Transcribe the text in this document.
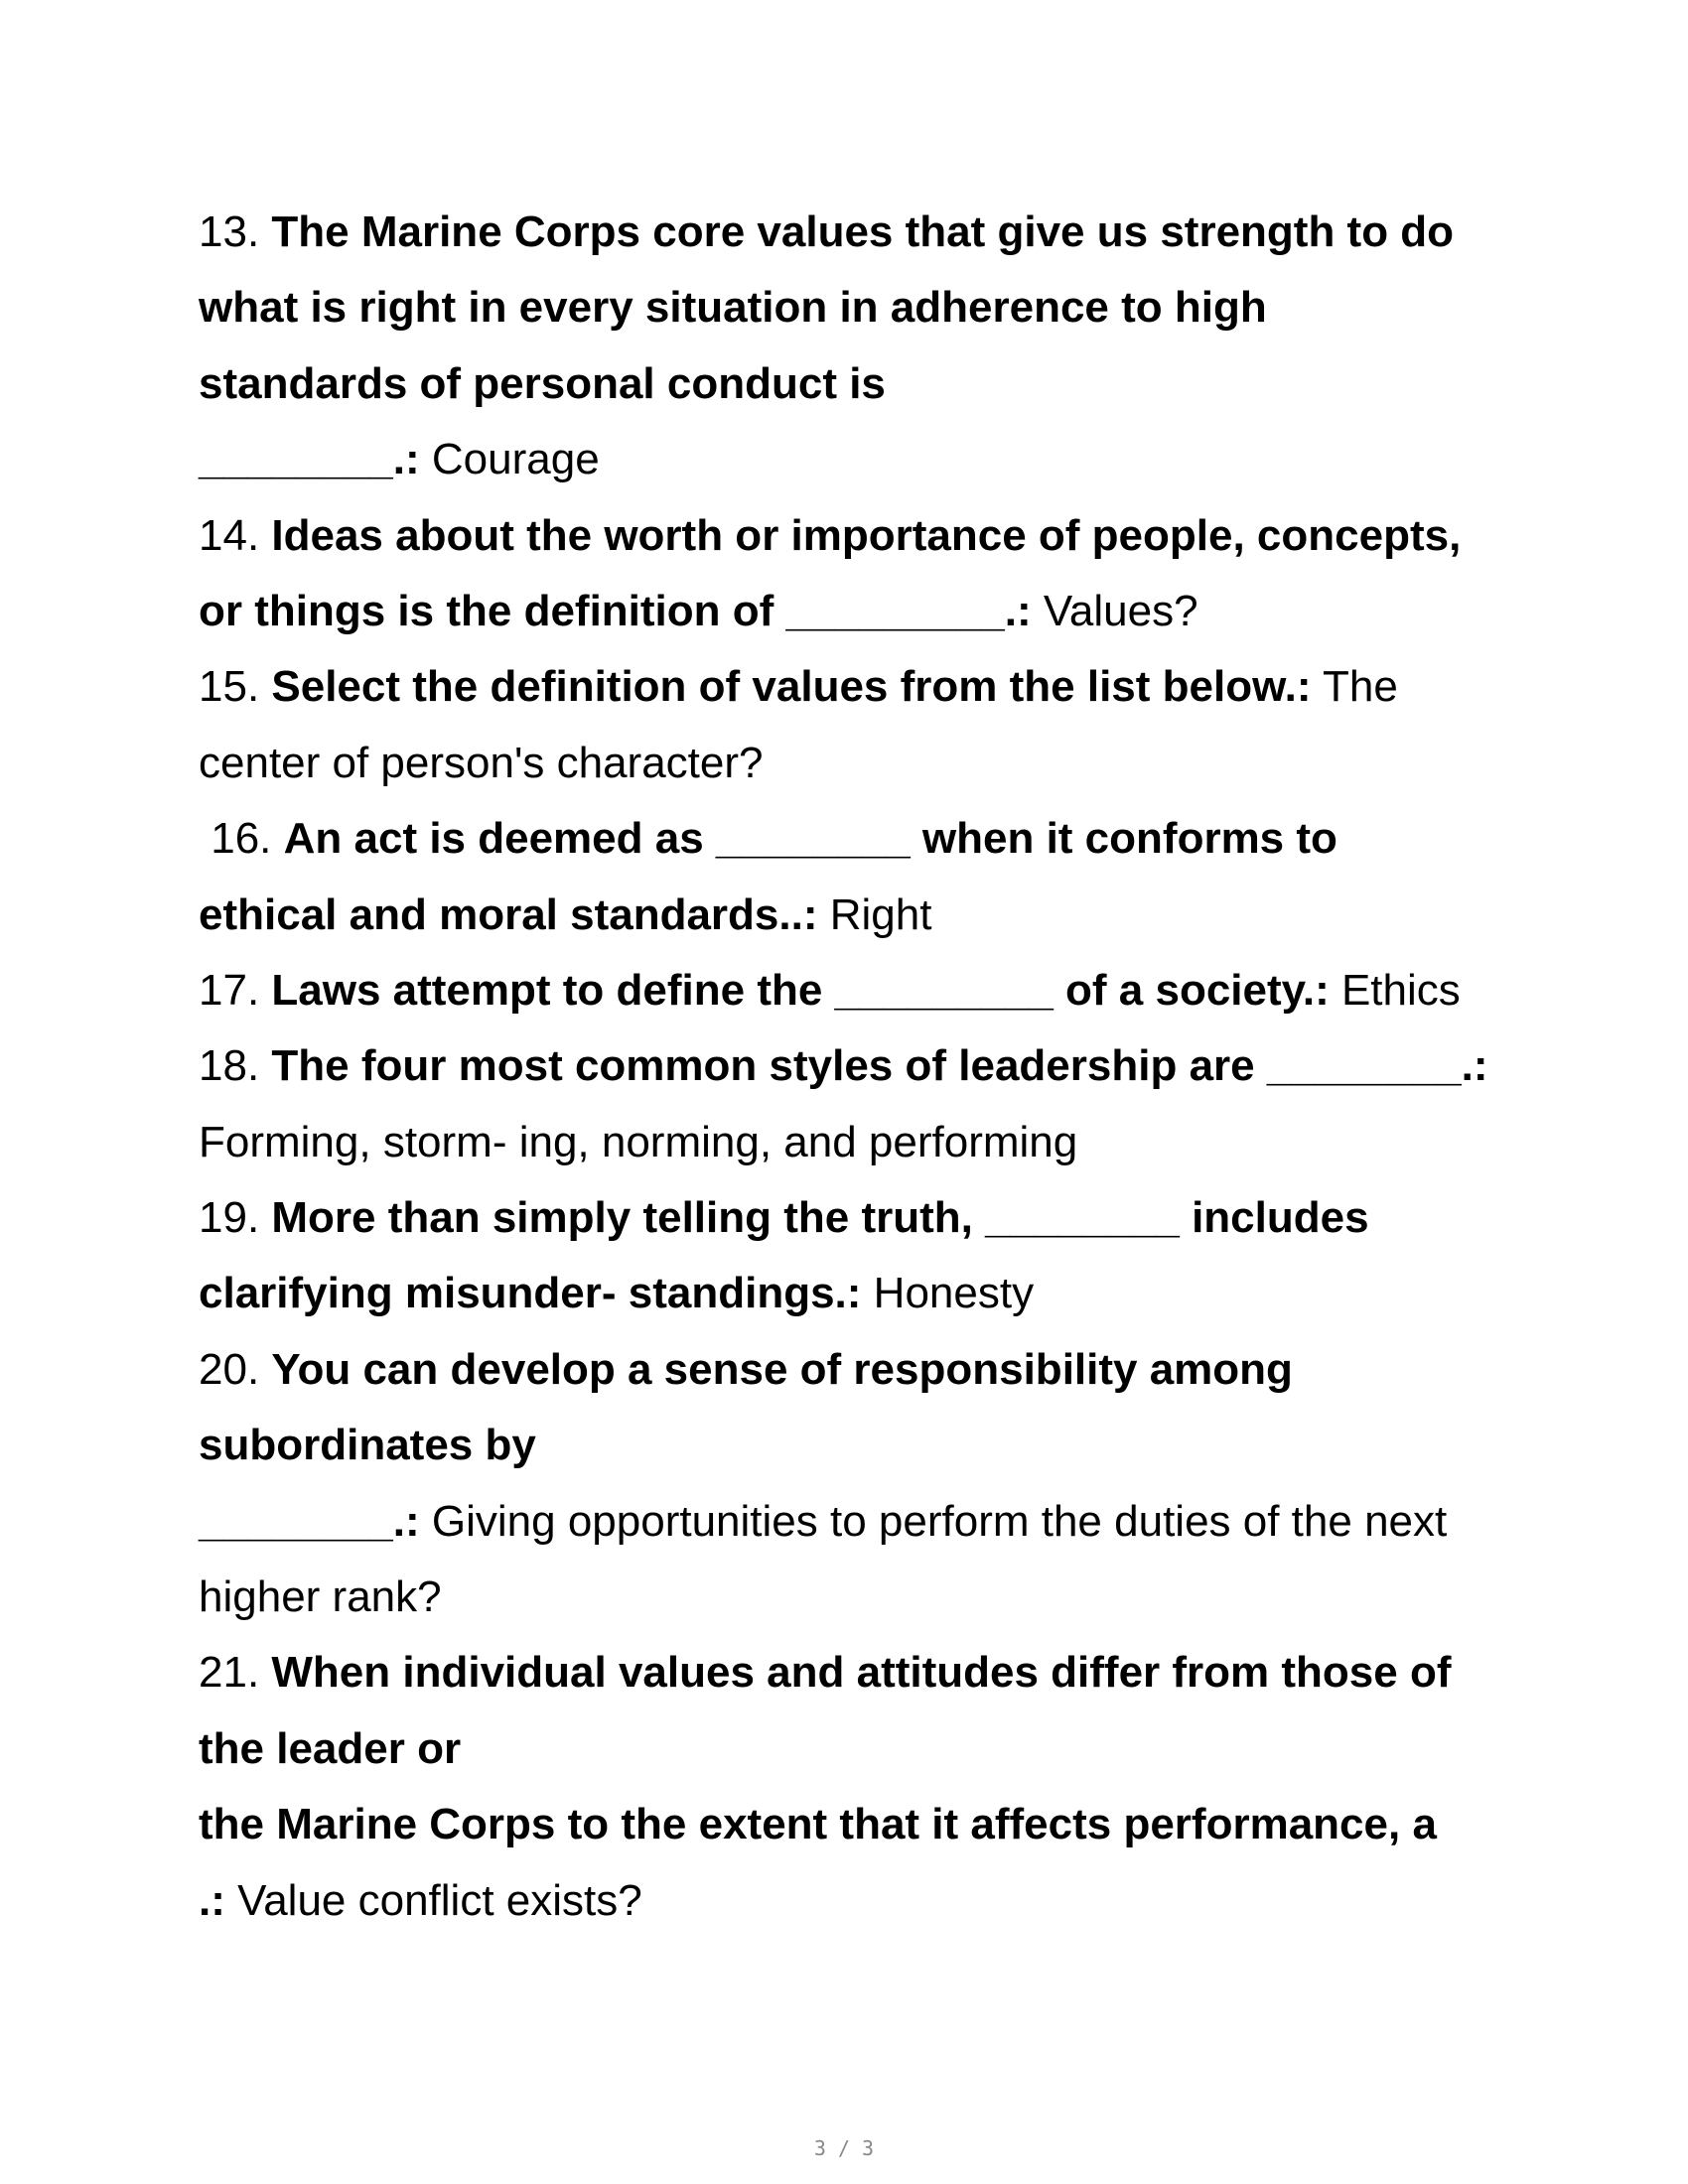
13. The Marine Corps core values that give us strength to do
what is right in every situation in adherence to high
standards of personal conduct is
________.: Courage
14. Ideas about the worth or importance of people, concepts,
or things is the definition of _________.: Values?
15. Select the definition of values from the list below.: The
center of person's character?
16. An act is deemed as ________ when it conforms to
ethical and moral standards..: Right
17. Laws attempt to define the _________ of a society.: Ethics
18. The four most common styles of leadership are ________.:
Forming, storm- ing, norming, and performing
19. More than simply telling the truth, ________ includes
clarifying misunder- standings.: Honesty
20. You can develop a sense of responsibility among
subordinates by
________.: Giving opportunities to perform the duties of the next
higher rank?
21. When individual values and attitudes differ from those of
the leader or
the Marine Corps to the extent that it affects performance, a
.: Value conflict exists?
3 / 3
